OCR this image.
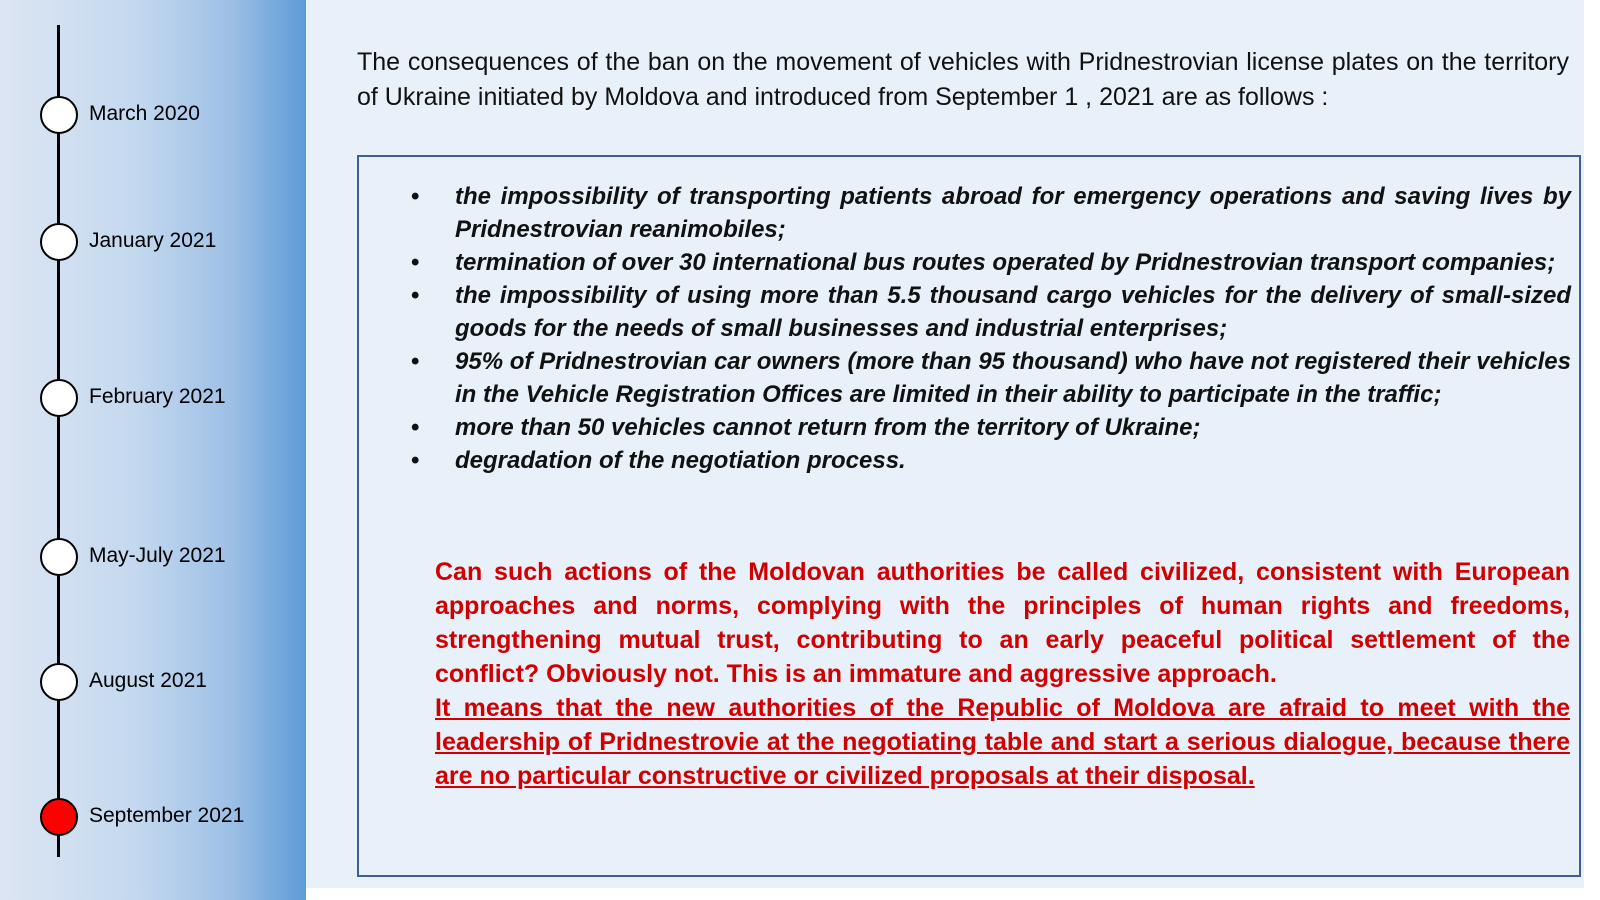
March 2020
January 2021
February 2021
May-July 2021
August 2021
September 2021

The consequences of the ban on the movement of vehicles with Pridnestrovian license plates on the territory of Ukraine initiated by Moldova and introduced from September 1 , 2021 are as follows :

• the impossibility of transporting patients abroad for emergency operations and saving lives by Pridnestrovian reanimobiles;
• termination of over 30 international bus routes operated by Pridnestrovian transport companies;
• the impossibility of using more than 5.5 thousand cargo vehicles for the delivery of small-sized goods for the needs of small businesses and industrial enterprises;
• 95% of Pridnestrovian car owners (more than 95 thousand) who have not registered their vehicles in the Vehicle Registration Offices are limited in their ability to participate in the traffic;
• more than 50 vehicles cannot return from the territory of Ukraine;
• degradation of the negotiation process.

Can such actions of the Moldovan authorities be called civilized, consistent with European approaches and norms, complying with the principles of human rights and freedoms, strengthening mutual trust, contributing to an early peaceful political settlement of the conflict? Obviously not. This is an immature and aggressive approach.
It means that the new authorities of the Republic of Moldova are afraid to meet with the leadership of Pridnestrovie at the negotiating table and start a serious dialogue, because there are no particular constructive or civilized proposals at their disposal.
